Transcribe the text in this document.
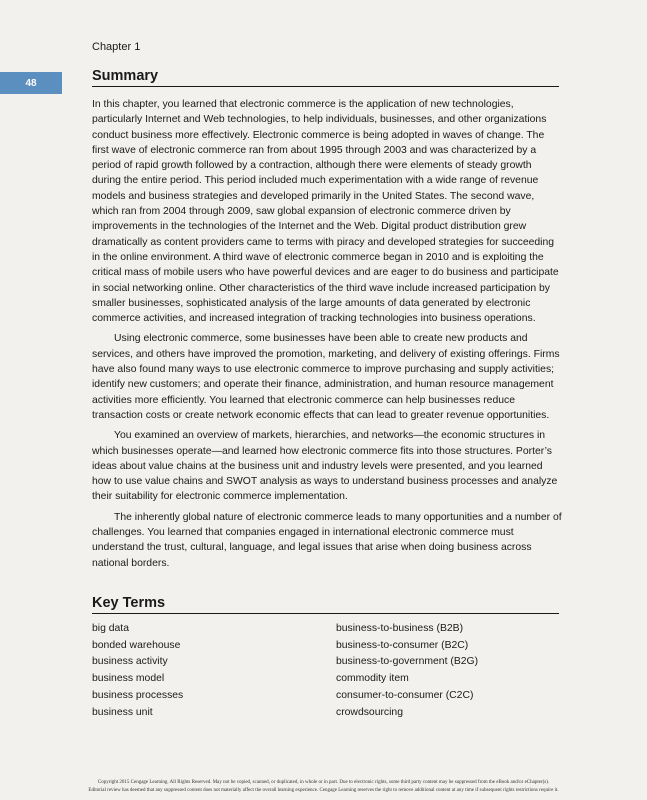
Chapter 1
48	Summary

In this chapter, you learned that electronic commerce is the application of new technologies, particularly Internet and Web technologies, to help individuals, businesses, and other organizations conduct business more effectively. Electronic commerce is being adopted in waves of change. The first wave of electronic commerce ran from about 1995 through 2003 and was characterized by a period of rapid growth followed by a contraction, although there were elements of steady growth during the entire period. This period included much experimentation with a wide range of revenue models and business strategies and developed primarily in the United States. The second wave, which ran from 2004 through 2009, saw global expansion of electronic commerce driven by improvements in the technologies of the Internet and the Web. Digital product distribution grew dramatically as content providers came to terms with piracy and developed strategies for succeeding in the online environment. A third wave of electronic commerce began in 2010 and is exploiting the critical mass of mobile users who have powerful devices and are eager to do business and participate in social networking online. Other characteristics of the third wave include increased participation by smaller businesses, sophisticated analysis of the large amounts of data generated by electronic commerce activities, and increased integration of tracking technologies into business operations.

Using electronic commerce, some businesses have been able to create new products and services, and others have improved the promotion, marketing, and delivery of existing offerings. Firms have also found many ways to use electronic commerce to improve purchasing and supply activities; identify new customers; and operate their finance, administration, and human resource management activities more efficiently. You learned that electronic commerce can help businesses reduce transaction costs or create network economic effects that can lead to greater revenue opportunities.

You examined an overview of markets, hierarchies, and networks—the economic structures in which businesses operate—and learned how electronic commerce fits into those structures. Porter’s ideas about value chains at the business unit and industry levels were presented, and you learned how to use value chains and SWOT analysis as ways to understand business processes and analyze their suitability for electronic commerce implementation.

The inherently global nature of electronic commerce leads to many opportunities and a number of challenges. You learned that companies engaged in international electronic commerce must understand the trust, cultural, language, and legal issues that arise when doing business across national borders.

Key Terms
big data
bonded warehouse
business activity
business model
business processes
business unit
business-to-business (B2B)
business-to-consumer (B2C)
business-to-government (B2G)
commodity item
consumer-to-consumer (C2C)
crowdsourcing
Copyright 2015 Cengage Learning. All Rights Reserved. May not be copied, scanned, or duplicated, in whole or in part. Due to electronic rights, some third party content may be suppressed from the eBook and/or eChapter(s).
Editorial review has deemed that any suppressed content does not materially affect the overall learning experience. Cengage Learning reserves the right to remove additional content at any time if subsequent rights restrictions require it.
